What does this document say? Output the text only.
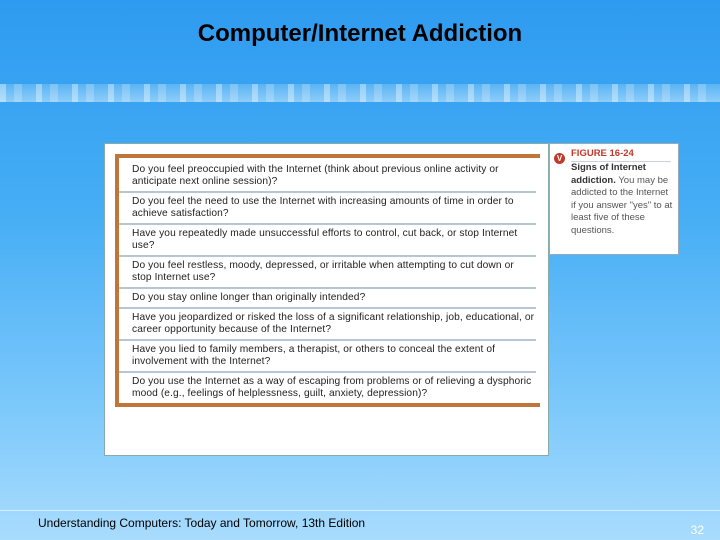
Computer/Internet Addiction
Do you feel preoccupied with the Internet (think about previous online activity or anticipate next online session)?
Do you feel the need to use the Internet with increasing amounts of time in order to achieve satisfaction?
Have you repeatedly made unsuccessful efforts to control, cut back, or stop Internet use?
Do you feel restless, moody, depressed, or irritable when attempting to cut down or stop Internet use?
Do you stay online longer than originally intended?
Have you jeopardized or risked the loss of a significant relationship, job, educational, or career opportunity because of the Internet?
Have you lied to family members, a therapist, or others to conceal the extent of involvement with the Internet?
Do you use the Internet as a way of escaping from problems or of relieving a dysphoric mood (e.g., feelings of helplessness, guilt, anxiety, depression)?
V FIGURE 16-24
Signs of Internet addiction. You may be addicted to the Internet if you answer "yes" to at least five of these questions.
Understanding Computers: Today and Tomorrow, 13th Edition	32
